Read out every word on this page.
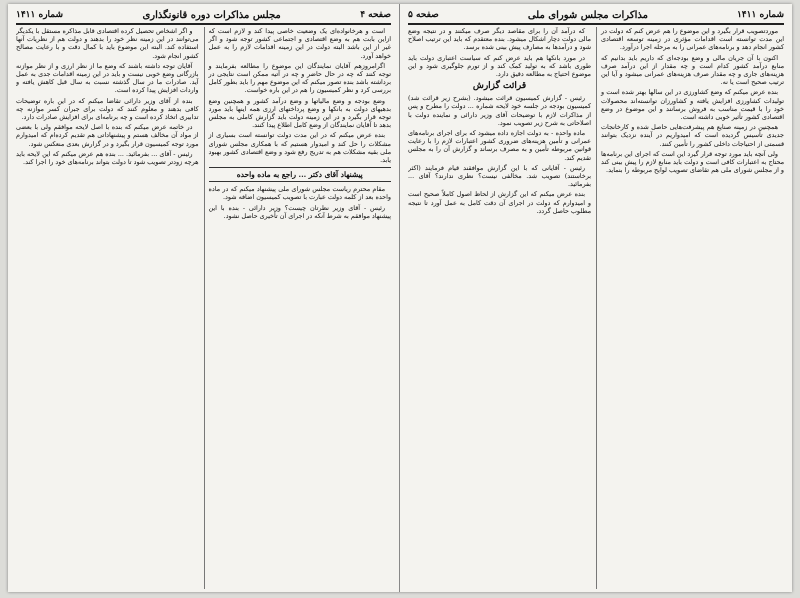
صفحه ۴
مجلس مذاکرات دوره قانونگذاری
شماره ۱۴۱۱

است و هرخانواده‌ای یک وضعیت خاصی پیدا کند و لازم است که ازاین بابت هم به وضع اقتصادی و اجتماعی کشور توجه شود و اگر غیر از این باشد البته دولت در این زمینه اقدامات لازم را به عمل خواهد آورد.

اگرامروزهم آقایان نمایندگان این موضوع را مطالعه بفرمایند و توجه کنند که چه در حال حاضر و چه در آتیه ممکن است نتایجی در برداشته باشد بنده تصور میکنم که این موضوع مهم را باید بطور کامل بررسی کرد و نظر کمیسیون را هم در این باره خواست.

وضع بودجه و وضع مالیاتها و وضع درآمد کشور و همچنین وضع بدهیهای دولت به بانکها و وضع پرداختهای ارزی همه اینها باید مورد توجه قرار بگیرد و در این زمینه دولت باید گزارش کاملی به مجلس بدهد تا آقایان نمایندگان از وضع کامل اطلاع پیدا کنند.

بنده عرض میکنم که در این مدت دولت توانسته است بسیاری از مشکلات را حل کند و امیدوار هستیم که با همکاری مجلس شورای ملی بقیه مشکلات هم به تدریج رفع شود و وضع اقتصادی کشور بهبود یابد.

پیشنهاد آقای دکتر ... راجع به ماده واحده

مقام محترم ریاست مجلس شورای ملی پیشنهاد میکنم که در ماده واحده بعد از کلمه دولت عبارت با تصویب کمیسیون اضافه شود.

رئیس - آقای وزیر نظرتان چیست؟ وزیر دارائی - بنده با این پیشنهاد موافقم به شرط آنکه در اجرای آن تأخیری حاصل نشود.

و اگر اشخاص تحصیل کرده اقتصادی قابل مذاکره مستقل با یکدیگر می‌توانند در این زمینه نظر خود را بدهند و دولت هم از نظریات آنها استفاده کند. البته این موضوع باید با کمال دقت و با رعایت مصالح کشور انجام شود.

آقایان توجه داشته باشند که وضع ما از نظر ارزی و از نظر موازنه بازرگانی وضع خوبی نیست و باید در این زمینه اقدامات جدی به عمل آید. صادرات ما در سال گذشته نسبت به سال قبل کاهش یافته و واردات افزایش پیدا کرده است.

بنده از آقای وزیر دارائی تقاضا میکنم که در این باره توضیحات کافی بدهند و معلوم کنند که دولت برای جبران کسر موازنه چه تدابیری اتخاذ کرده است و چه برنامه‌ای برای افزایش صادرات دارد.

در خاتمه عرض میکنم که بنده با اصل لایحه موافقم ولی با بعضی از مواد آن مخالف هستم و پیشنهاداتی هم تقدیم کرده‌ام که امیدوارم مورد توجه کمیسیون قرار بگیرد و در گزارش بعدی منعکس شود.

رئیس - آقای ... بفرمائید. ... بنده هم عرض میکنم که این لایحه باید هرچه زودتر تصویب شود تا دولت بتواند برنامه‌های خود را اجرا کند.

شماره ۱۴۱۱
مذاکرات مجلس شورای ملی
صفحه ۵

موردتصویب قرار بگیرد و این موضوع را هم عرض کنم که دولت در این مدت توانسته است اقدامات مؤثری در زمینه توسعه اقتصادی کشور انجام دهد و برنامه‌های عمرانی را به مرحله اجرا درآورد.

اکنون با آن جریان مالی و وضع بودجه‌ای که داریم باید بدانیم که منابع درآمد کشور کدام است و چه مقدار از این درآمد صرف هزینه‌های جاری و چه مقدار صرف هزینه‌های عمرانی میشود و آیا این ترتیب صحیح است یا نه.

بنده عرض میکنم که وضع کشاورزی در این سالها بهتر شده است و تولیدات کشاورزی افزایش یافته و کشاورزان توانسته‌اند محصولات خود را با قیمت مناسب به فروش برسانند و این موضوع در وضع اقتصادی کشور تأثیر خوبی داشته است.

همچنین در زمینه صنایع هم پیشرفت‌هایی حاصل شده و کارخانجات جدیدی تأسیس گردیده است که امیدواریم در آینده نزدیک بتوانند قسمتی از احتیاجات داخلی کشور را تأمین کنند.

ولی آنچه باید مورد توجه قرار گیرد این است که اجرای این برنامه‌ها محتاج به اعتبارات کافی است و دولت باید منابع لازم را پیش بینی کند و از مجلس شورای ملی هم تقاضای تصویب لوایح مربوطه را بنماید.

که درآمد آن را برای مقاصد دیگر صرف میکنند و در نتیجه وضع مالی دولت دچار اشکال میشود. بنده معتقدم که باید این ترتیب اصلاح شود و درآمدها به مصارف پیش بینی شده برسد.

در مورد بانکها هم باید عرض کنم که سیاست اعتباری دولت باید طوری باشد که به تولید کمک کند و از تورم جلوگیری شود و این موضوع احتیاج به مطالعه دقیق دارد.

قرائت گزارش

رئیس - گزارش کمیسیون قرائت میشود. (بشرح زیر قرائت شد) کمیسیون بودجه در جلسه خود لایحه شماره ... دولت را مطرح و پس از مذاکرات لازم با توضیحات آقای وزیر دارائی و نماینده دولت با اصلاحاتی به شرح زیر تصویب نمود.

ماده واحده - به دولت اجازه داده میشود که برای اجرای برنامه‌های عمرانی و تأمین هزینه‌های ضروری کشور اعتبارات لازم را با رعایت قوانین مربوطه تأمین و به مصرف برساند و گزارش آن را به مجلس تقدیم کند.

رئیس - آقایانی که با این گزارش موافقند قیام فرمایند (اکثر برخاستند) تصویب شد. مخالفی نیست؟ نظری ندارند؟ آقای ... بفرمائید.

بنده عرض میکنم که این گزارش از لحاظ اصول کاملاً صحیح است و امیدوارم که دولت در اجرای آن دقت کامل به عمل آورد تا نتیجه مطلوب حاصل گردد.
